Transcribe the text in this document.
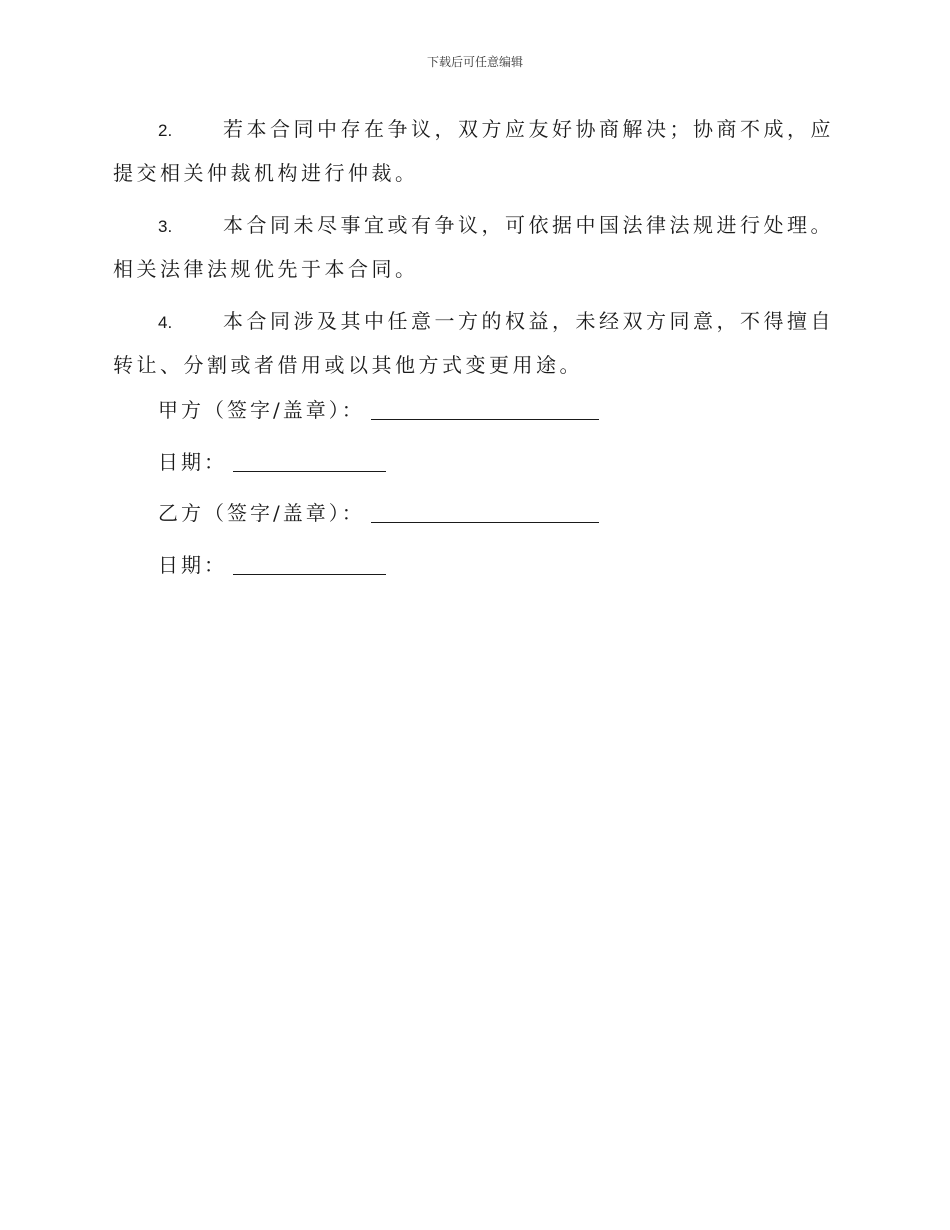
下载后可任意编辑

2.	若本合同中存在争议，双方应友好协商解决；协商不成，应提交相关仲裁机构进行仲裁。

3.	本合同未尽事宜或有争议，可依据中国法律法规进行处理。相关法律法规优先于本合同。

4.	本合同涉及其中任意一方的权益，未经双方同意，不得擅自转让、分割或者借用或以其他方式变更用途。

甲方（签字/盖章）：
日期：
乙方（签字/盖章）：
日期：
